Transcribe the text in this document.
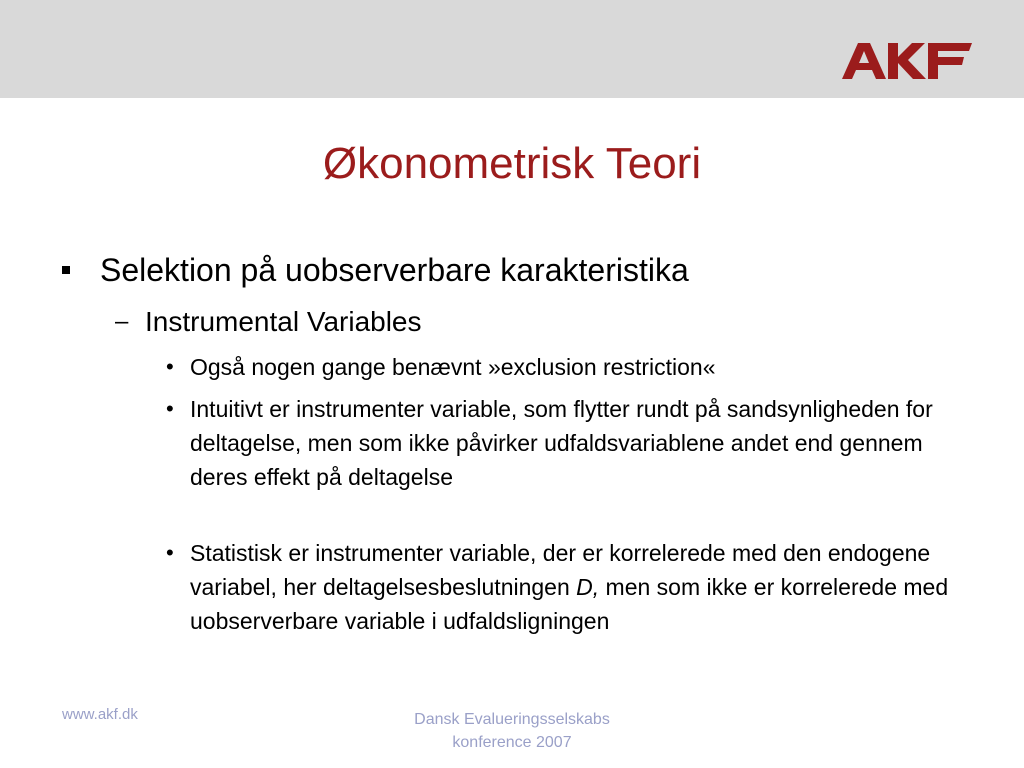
Økonometrisk Teori
Selektion på uobserverbare karakteristika
– Instrumental Variables
• Også nogen gange benævnt »exclusion restriction«
• Intuitivt er instrumenter variable, som flytter rundt på sandsynligheden for deltagelse, men som ikke påvirker udfaldsvariablene andet end gennem deres effekt på deltagelse
• Statistisk er instrumenter variable, der er korrelerede med den endogene variabel, her deltagelsesbeslutningen D, men som ikke er korrelerede med uobserverbare variable i udfaldsligningen
www.akf.dk	Dansk Evalueringsselskabs
konference 2007
